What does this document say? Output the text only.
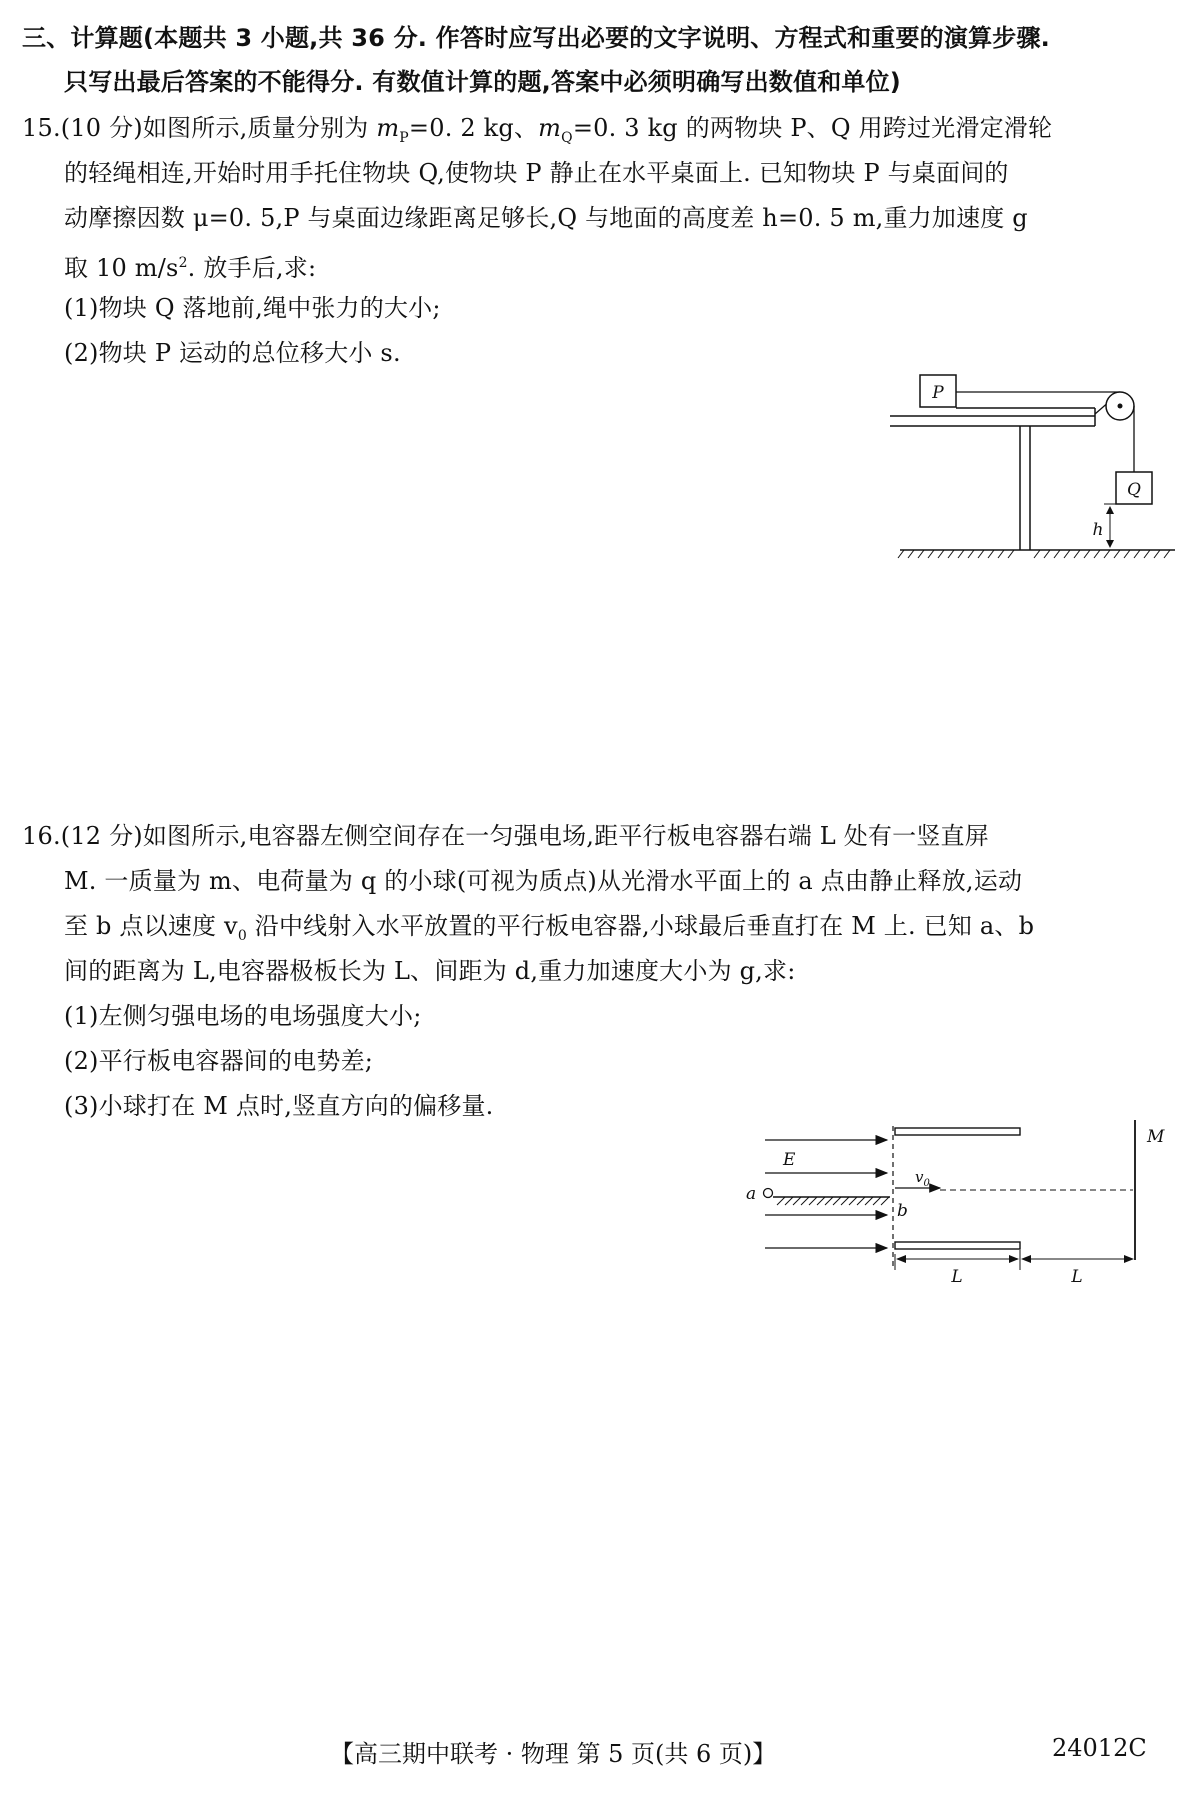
三、计算题(本题共 3 小题,共 36 分. 作答时应写出必要的文字说明、方程式和重要的演算步骤.
只写出最后答案的不能得分. 有数值计算的题,答案中必须明确写出数值和单位)
15.(10 分)如图所示,质量分别为 $m_P=0$. 2 kg、$m_Q=0$. 3 kg 的两物块 P、Q 用跨过光滑定滑轮
的轻绳相连,开始时用手托住物块 Q,使物块 P 静止在水平桌面上. 已知物块 P 与桌面间的
动摩擦因数 μ=0. 5,P 与桌面边缘距离足够长,Q 与地面的高度差 h=0. 5 m,重力加速度 g
取 10 $m/s^2$. 放手后,求:
(1)物块 Q 落地前,绳中张力的大小;
(2)物块 P 运动的总位移大小 s.
P
Q
h
16.(12 分)如图所示,电容器左侧空间存在一匀强电场,距平行板电容器右端 L 处有一竖直屏
M. 一质量为 m、电荷量为 q 的小球(可视为质点)从光滑水平面上的 a 点由静止释放,运动
至 b 点以速度 $v_0$ 沿中线射入水平放置的平行板电容器,小球最后垂直打在 M 上. 已知 a、b
间的距离为 L,电容器极板长为 L、间距为 d,重力加速度大小为 g,求:
(1)左侧匀强电场的电场强度大小;
(2)平行板电容器间的电势差;
(3)小球打在 M 点时,竖直方向的偏移量.
E
a
b
$v_0$
M
L	L
【高三期中联考 · 物理 第 5 页(共 6 页)】	24012C
